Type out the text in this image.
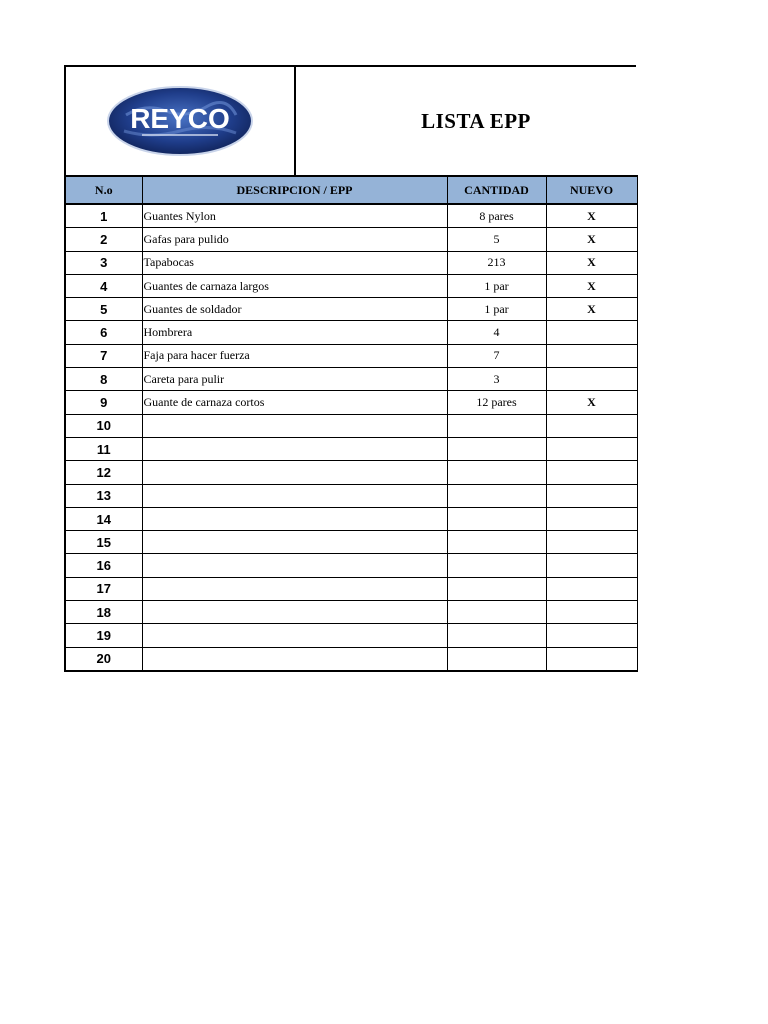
REYCO	LISTA EPP
N.o	DESCRIPCION / EPP	CANTIDAD	NUEVO
1	Guantes Nylon	8 pares	X
2	Gafas para pulido	5	X
3	Tapabocas	213	X
4	Guantes de carnaza largos	1 par	X
5	Guantes de soldador	1 par	X
6	Hombrera	4	
7	Faja para hacer fuerza	7	
8	Careta para pulir	3	
9	Guante de carnaza cortos	12 pares	X
10			
11			
12			
13			
14			
15			
16			
17			
18			
19			
20			
